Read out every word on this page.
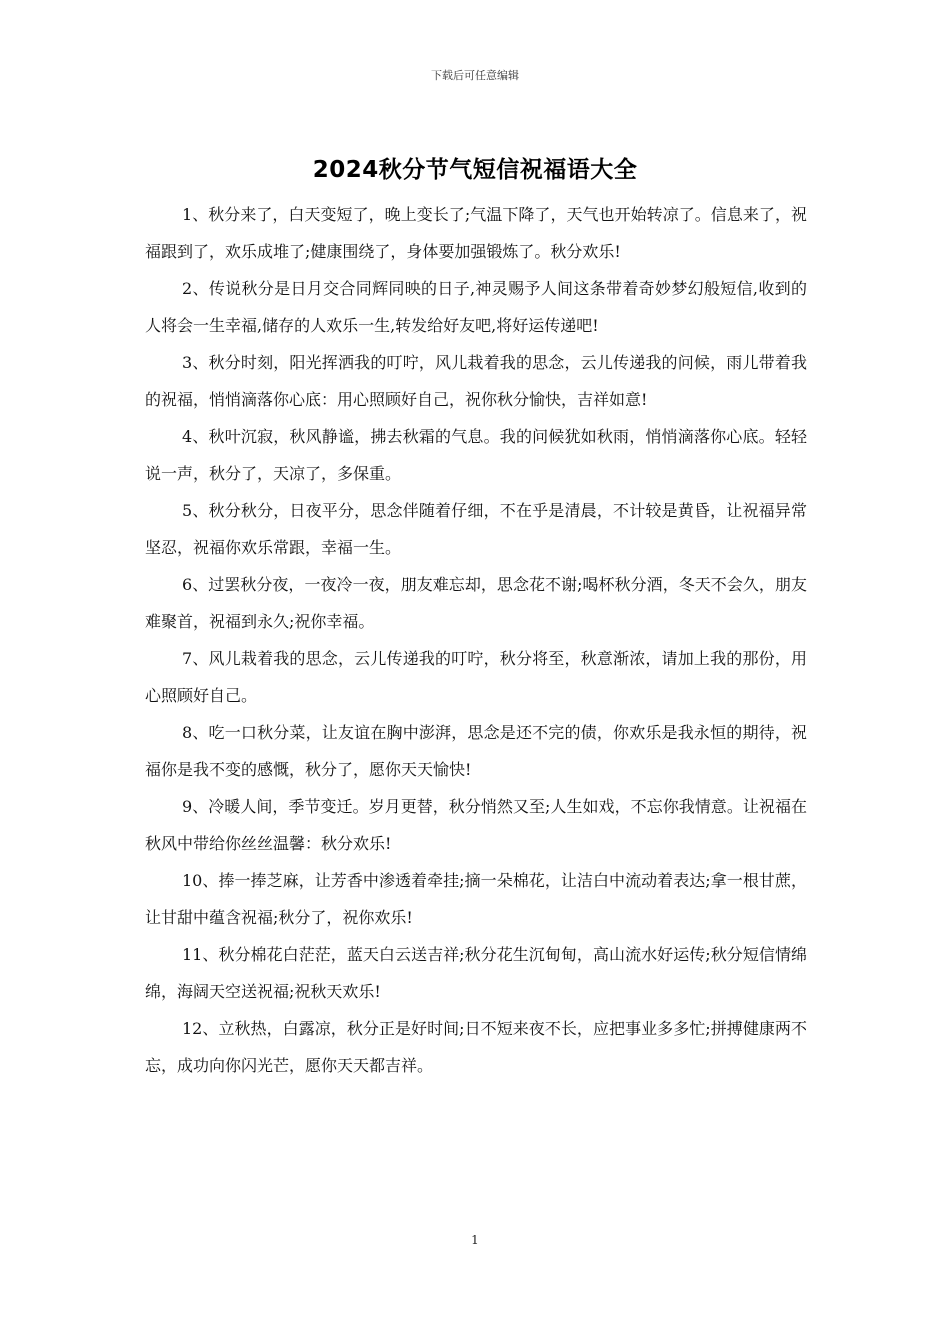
下载后可任意编辑
2024秋分节气短信祝福语大全

1、秋分来了，白天变短了，晚上变长了;气温下降了，天气也开始转凉了。信息来了，祝福跟到了，欢乐成堆了;健康围绕了，身体要加强锻炼了。秋分欢乐!

2、传说秋分是日月交合同辉同映的日子,神灵赐予人间这条带着奇妙梦幻般短信,收到的人将会一生幸福,储存的人欢乐一生,转发给好友吧,将好运传递吧!

3、秋分时刻，阳光挥洒我的叮咛，风儿栽着我的思念，云儿传递我的问候，雨儿带着我的祝福，悄悄滴落你心底：用心照顾好自己，祝你秋分愉快，吉祥如意!

4、秋叶沉寂，秋风静谧，拂去秋霜的气息。我的问候犹如秋雨，悄悄滴落你心底。轻轻说一声，秋分了，天凉了，多保重。

5、秋分秋分，日夜平分，思念伴随着仔细，不在乎是清晨，不计较是黄昏，让祝福异常坚忍，祝福你欢乐常跟，幸福一生。

6、过罢秋分夜，一夜冷一夜，朋友难忘却，思念花不谢;喝杯秋分酒，冬天不会久，朋友难聚首，祝福到永久;祝你幸福。

7、风儿栽着我的思念，云儿传递我的叮咛，秋分将至，秋意渐浓，请加上我的那份，用心照顾好自己。

8、吃一口秋分菜，让友谊在胸中澎湃，思念是还不完的债，你欢乐是我永恒的期待，祝福你是我不变的感慨，秋分了，愿你天天愉快!

9、冷暖人间，季节变迁。岁月更替，秋分悄然又至;人生如戏，不忘你我情意。让祝福在秋风中带给你丝丝温馨：秋分欢乐!

10、捧一捧芝麻，让芳香中渗透着牵挂;摘一朵棉花，让洁白中流动着表达;拿一根甘蔗，让甘甜中蕴含祝福;秋分了，祝你欢乐!

11、秋分棉花白茫茫，蓝天白云送吉祥;秋分花生沉甸甸，高山流水好运传;秋分短信情绵绵，海阔天空送祝福;祝秋天欢乐!

12、立秋热，白露凉，秋分正是好时间;日不短来夜不长，应把事业多多忙;拼搏健康两不忘，成功向你闪光芒，愿你天天都吉祥。

1
